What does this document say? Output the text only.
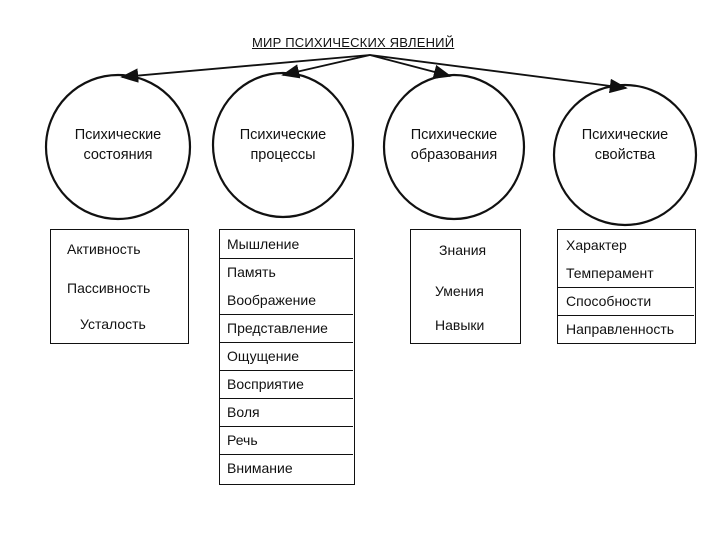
МИР ПСИХИЧЕСКИХ ЯВЛЕНИЙ
Психические
состояния
Психические
процессы
Психические
образования
Психические
свойства
Активность
Пассивность
Усталость
Мышление
Память
Воображение
Представление
Ощущение
Восприятие
Воля
Речь
Внимание
Знания
Умения
Навыки
Характер
Темперамент
Способности
Направленность
